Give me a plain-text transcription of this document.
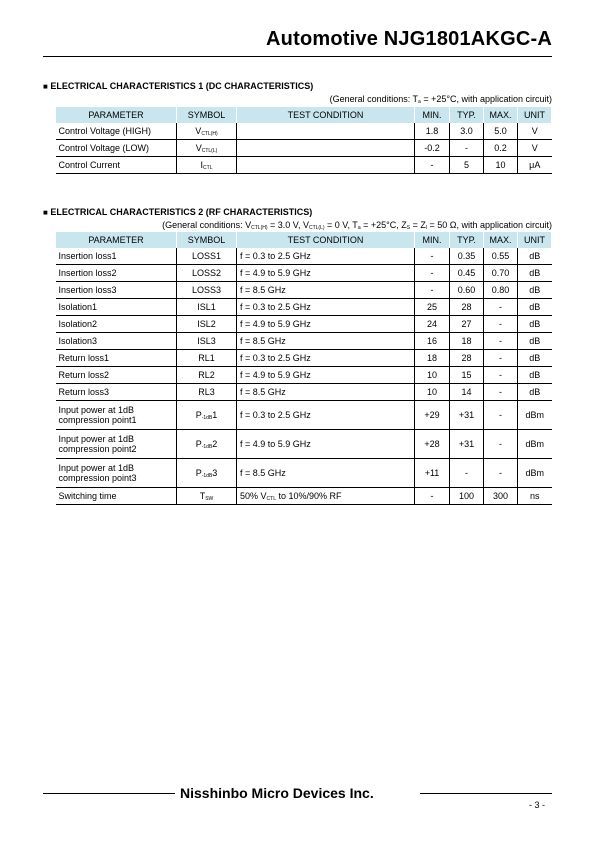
Automotive NJG1801AKGC-A
■ ELECTRICAL CHARACTERISTICS 1 (DC CHARACTERISTICS)
(General conditions: $T_a = +25^\circ C$, with application circuit)
PARAMETER	SYMBOL	TEST CONDITION	MIN.	TYP.	MAX.	UNIT
Control Voltage (HIGH)	$V_{CTL(H)}$		1.8	3.0	5.0	V
Control Voltage (LOW)	$V_{CTL(L)}$		-0.2	-	0.2	V
Control Current	$I_{CTL}$		-	5	10	μA
■ ELECTRICAL CHARACTERISTICS 2 (RF CHARACTERISTICS)
(General conditions: $V_{CTL(H)} = 3.0$ V, $V_{CTL(L)} = 0$ V, $T_a = +25^\circ C$, $Z_S = Z_l = 50$ Ω, with application circuit)
PARAMETER	SYMBOL	TEST CONDITION	MIN.	TYP.	MAX.	UNIT
Insertion loss1	LOSS1	f = 0.3 to 2.5 GHz	-	0.35	0.55	dB
Insertion loss2	LOSS2	f = 4.9 to 5.9 GHz	-	0.45	0.70	dB
Insertion loss3	LOSS3	f = 8.5 GHz	-	0.60	0.80	dB
Isolation1	ISL1	f = 0.3 to 2.5 GHz	25	28	-	dB
Isolation2	ISL2	f = 4.9 to 5.9 GHz	24	27	-	dB
Isolation3	ISL3	f = 8.5 GHz	16	18	-	dB
Return loss1	RL1	f = 0.3 to 2.5 GHz	18	28	-	dB
Return loss2	RL2	f = 4.9 to 5.9 GHz	10	15	-	dB
Return loss3	RL3	f = 8.5 GHz	10	14	-	dB
Input power at 1dB compression point1	$P_{-1dB}1$	f = 0.3 to 2.5 GHz	+29	+31	-	dBm
Input power at 1dB compression point2	$P_{-1dB}2$	f = 4.9 to 5.9 GHz	+28	+31	-	dBm
Input power at 1dB compression point3	$P_{-1dB}3$	f = 8.5 GHz	+11	-	-	dBm
Switching time	$T_{SW}$	50% $V_{CTL}$ to 10%/90% RF	-	100	300	ns
Nisshinbo Micro Devices Inc.
- 3 -
